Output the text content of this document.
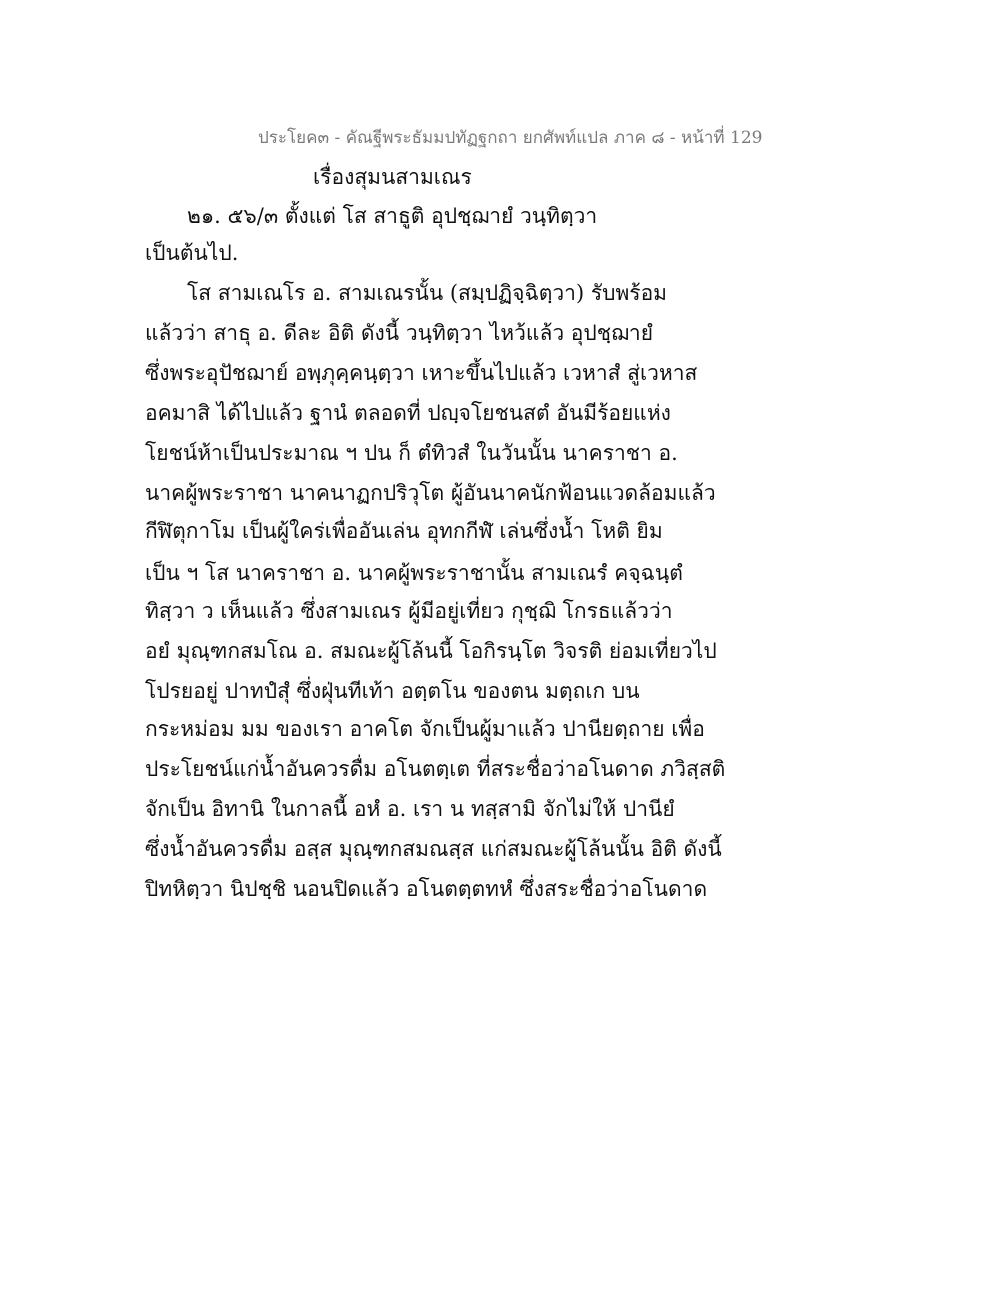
ประโยค๓ - คัณฐีพระธัมมปทัฏฐกถา ยกศัพท์แปล ภาค ๘ - หน้าที่ 129
เรื่องสุมนสามเณร
๒๑. ๕๖/๓ ตั้งแต่ โส สาธูติ อุปชฺฌายํ วนฺทิตฺวา
เป็นต้นไป.
โส สามเณโร อ. สามเณรนั้น (สมฺปฏิจฺฉิตฺวา) รับพร้อม
แล้วว่า สาธุ อ. ดีละ อิติ ดังนี้ วนฺทิตฺวา ไหว้แล้ว อุปชฺฌายํ
ซึ่งพระอุปัชฌาย์ อพฺภุคฺคนฺตฺวา เหาะขึ้นไปแล้ว เวหาสํ สู่เวหาส
อคมาสิ ได้ไปแล้ว ฐานํ ตลอดที่ ปญฺจโยชนสตํ อันมีร้อยแห่ง
โยชน์ห้าเป็นประมาณ ฯ ปน ก็ ตํทิวสํ ในวันนั้น นาคราชา อ.
นาคผู้พระราชา นาคนาฏกปริวุโต ผู้อันนาคนักฟ้อนแวดล้อมแล้ว
กีฬิตุกาโม เป็นผู้ใคร่เพื่ออันเล่น อุทกกีฬํ เล่นซึ่งน้ำ โหติ ยิม
เป็น ฯ โส นาคราชา อ. นาคผู้พระราชานั้น สามเณรํ คจฺฉนฺตํ
ทิสฺวา ว เห็นแล้ว ซึ่งสามเณร ผู้มีอยู่เที่ยว กุชฺฌิ โกรธแล้วว่า
อยํ มุณฺฑกสมโณ อ. สมณะผู้โล้นนี้ โอกิรนฺโต วิจรติ ย่อมเที่ยวไป
โปรยอยู่ ปาทปํสุํ ซึ่งฝุ่นทีเท้า อตฺตโน ของตน มตฺถเก บน
กระหม่อม มม ของเรา อาคโต จักเป็นผู้มาแล้ว ปานียตฺถาย เพื่อ
ประโยชน์แก่น้ำอันควรดื่ม อโนตตฺเต ที่สระชื่อว่าอโนดาด ภวิสฺสติ
จักเป็น อิทานิ ในกาลนี้ อหํ อ. เรา น ทสฺสามิ จักไม่ให้ ปานียํ
ซึ่งน้ำอันควรดื่ม อสฺส มุณฺฑกสมณสฺส แก่สมณะผู้โล้นนั้น อิติ ดังนี้
ปิทหิตฺวา นิปชฺชิ นอนปิดแล้ว อโนตตฺตทหํ ซึ่งสระชื่อว่าอโนดาด
